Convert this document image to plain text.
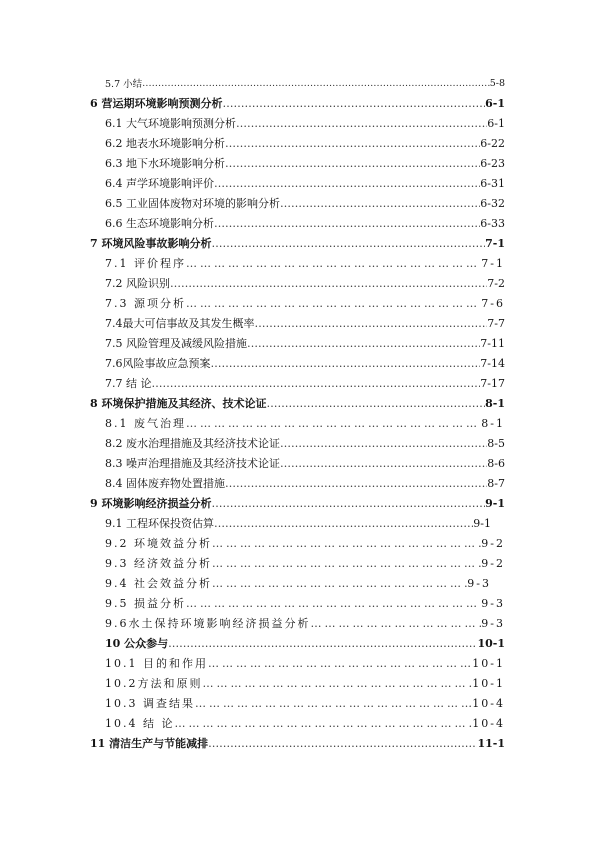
5.7 小结 …………………………………………………………………………………………………………………………………………………………………………	5-8
6 营运期环境影响预测分析 …………………………………………………………………………………………………………………………………………………………………………	6-1
6.1 大气环境影响预测分析 …………………………………………………………………………………………………………………………………………………………………………	6-1
6.2 地表水环境影响分析 …………………………………………………………………………………………………………………………………………………………………………	6-22
6.3 地下水环境影响分析 …………………………………………………………………………………………………………………………………………………………………………	6-23
6.4 声学环境影响评价 …………………………………………………………………………………………………………………………………………………………………………	6-31
6.5 工业固体废物对环境的影响分析 …………………………………………………………………………………………………………………………………………………………………………	6-32
6.6 生态环境影响分析 …………………………………………………………………………………………………………………………………………………………………………	6-33
7 环境风险事故影响分析 …………………………………………………………………………………………………………………………………………………………………………	7-1
7.1 评价程序 …………………………………………………………………………………………………………………………………………………………………………	7-1
7.2 风险识别 …………………………………………………………………………………………………………………………………………………………………………	7-2
7.3 源项分析 …………………………………………………………………………………………………………………………………………………………………………	7-6
7.4最大可信事故及其发生概率 …………………………………………………………………………………………………………………………………………………………………………	7-7
7.5 风险管理及减缓风险措施 …………………………………………………………………………………………………………………………………………………………………………	7-11
7.6风险事故应急预案 …………………………………………………………………………………………………………………………………………………………………………	7-14
7.7 结 论 …………………………………………………………………………………………………………………………………………………………………………	7-17
8 环境保护措施及其经济、技术论证 …………………………………………………………………………………………………………………………………………………………………………	8-1
8.1 废气治理 …………………………………………………………………………………………………………………………………………………………………………	8-1
8.2 废水治理措施及其经济技术论证 …………………………………………………………………………………………………………………………………………………………………………	8-5
8.3 噪声治理措施及其经济技术论证 …………………………………………………………………………………………………………………………………………………………………………	8-6
8.4 固体废弃物处置措施 …………………………………………………………………………………………………………………………………………………………………………	8-7
9 环境影响经济损益分析 …………………………………………………………………………………………………………………………………………………………………………	9-1
9.1 工程环保投资估算 …………………………………………………………………………………………………………………………………………………………………………	9-1
9.2 环境效益分析 …………………………………………………………………………………………………………………………………………………………………………	9-2
9.3 经济效益分析 …………………………………………………………………………………………………………………………………………………………………………	9-2
9.4 社会效益分析 …………………………………………………………………………………………………………………………………………………………………………	9-3
9.5 损益分析 …………………………………………………………………………………………………………………………………………………………………………	9-3
9.6水土保持环境影响经济损益分析 …………………………………………………………………………………………………………………………………………………………………………	9-3
10 公众参与 …………………………………………………………………………………………………………………………………………………………………………	10-1
10.1 目的和作用 …………………………………………………………………………………………………………………………………………………………………………	10-1
10.2方法和原则 …………………………………………………………………………………………………………………………………………………………………………	10-1
10.3 调查结果 …………………………………………………………………………………………………………………………………………………………………………	10-4
10.4 结 论 …………………………………………………………………………………………………………………………………………………………………………	10-4
11 清洁生产与节能减排 …………………………………………………………………………………………………………………………………………………………………………	11-1
